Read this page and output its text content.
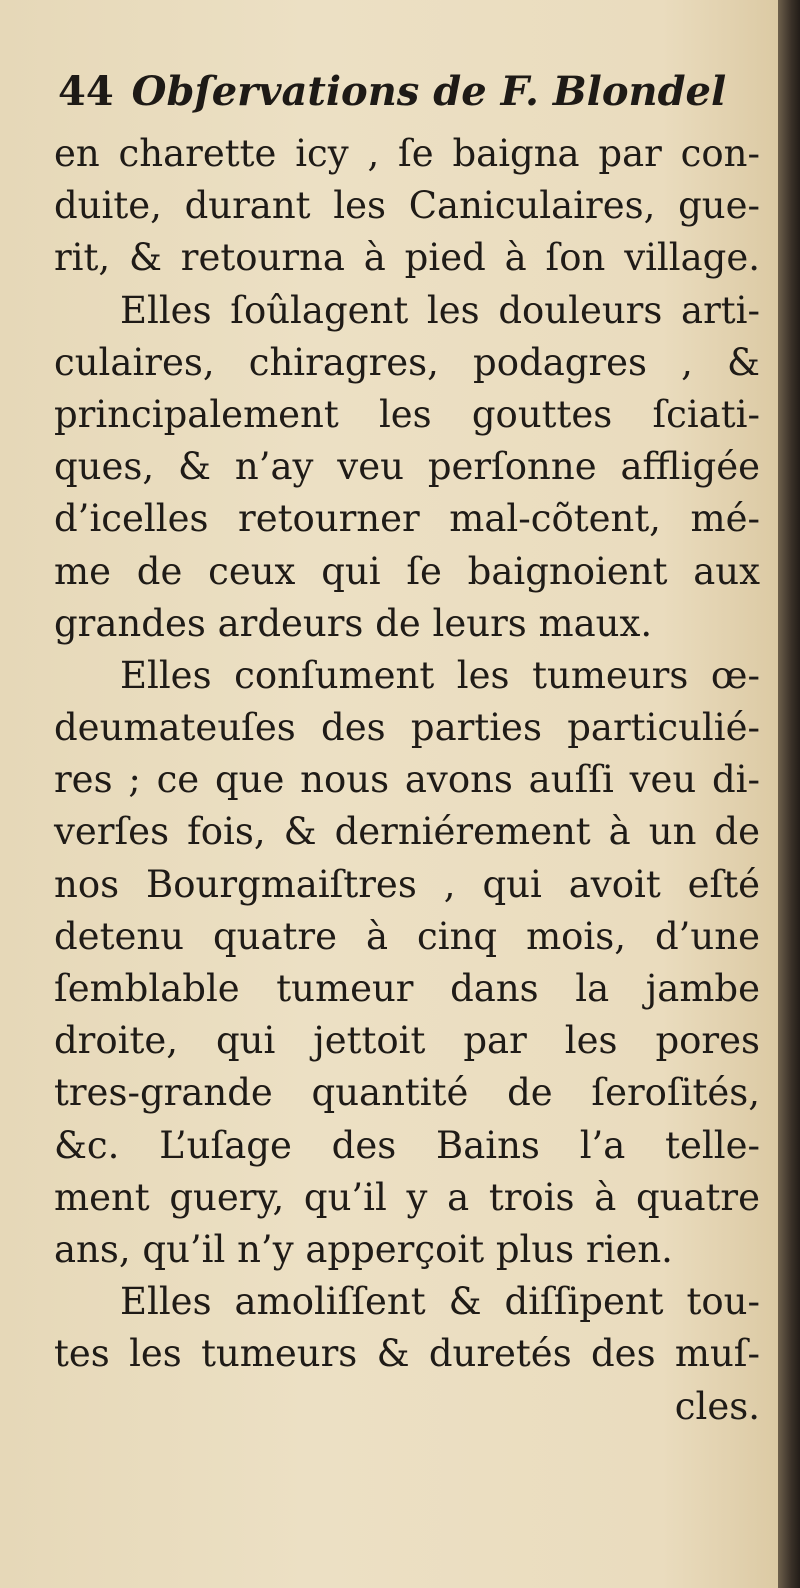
44 Obſervations de F. Blondel
en charette icy , ſe baigna par con-
duite, durant les Caniculaires, gue-
rit, & retourna à pied à ſon village.
Elles ſoûlagent les douleurs arti-
culaires, chiragres, podagres , &
principalement les gouttes ſciati-
ques, & n’ay veu perſonne affligée
d’icelles retourner mal-cõtent, mé-
me de ceux qui ſe baignoient aux
grandes ardeurs de leurs maux.
Elles conſument les tumeurs œ-
deumateuſes des parties particulié-
res ; ce que nous avons auſſi veu di-
verſes fois, & derniérement à un de
nos Bourgmaiſtres , qui avoit eſté
detenu quatre à cinq mois, d’une
ſemblable tumeur dans la jambe
droite, qui jettoit par les pores
tres-grande quantité de ſeroſités,
&c. L’uſage des Bains l’a telle-
ment guery, qu’il y a trois à quatre
ans, qu’il n’y apperçoit plus rien.
Elles amoliſſent & diſſipent tou-
tes les tumeurs & duretés des muſ-
cles.
